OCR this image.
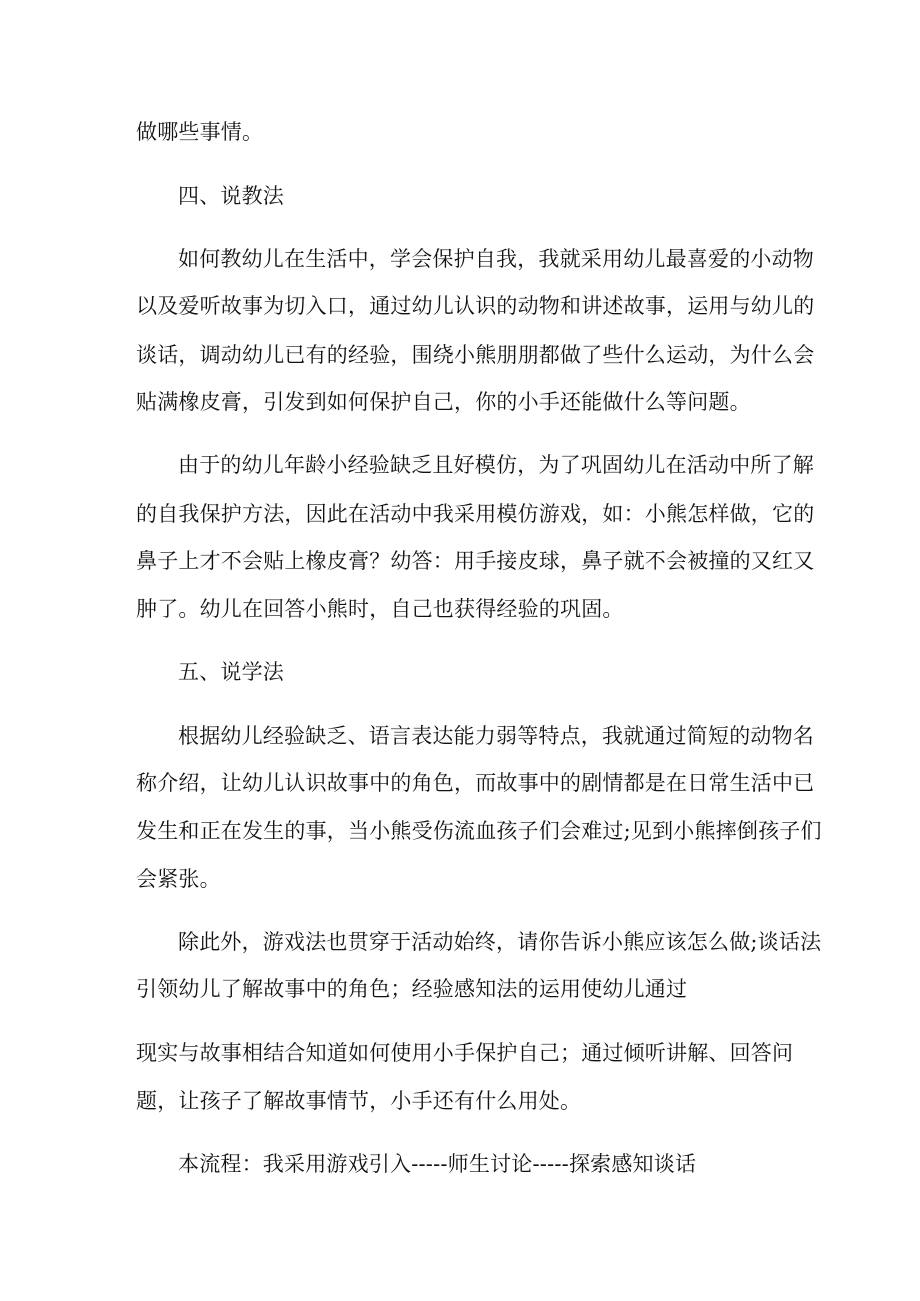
做哪些事情。
四、说教法
如何教幼儿在生活中，学会保护自我，我就采用幼儿最喜爱的小动物
以及爱听故事为切入口，通过幼儿认识的动物和讲述故事，运用与幼儿的
谈话，调动幼儿已有的经验，围绕小熊朋朋都做了些什么运动，为什么会
贴满橡皮膏，引发到如何保护自己，你的小手还能做什么等问题。
由于的幼儿年龄小经验缺乏且好模仿，为了巩固幼儿在活动中所了解
的自我保护方法，因此在活动中我采用模仿游戏，如：小熊怎样做，它的
鼻子上才不会贴上橡皮膏？幼答：用手接皮球，鼻子就不会被撞的又红又
肿了。幼儿在回答小熊时，自己也获得经验的巩固。
五、说学法
根据幼儿经验缺乏、语言表达能力弱等特点，我就通过简短的动物名
称介绍，让幼儿认识故事中的角色，而故事中的剧情都是在日常生活中已
发生和正在发生的事，当小熊受伤流血孩子们会难过;见到小熊摔倒孩子们
会紧张。
除此外，游戏法也贯穿于活动始终，请你告诉小熊应该怎么做;谈话法
引领幼儿了解故事中的角色；经验感知法的运用使幼儿通过
现实与故事相结合知道如何使用小手保护自己；通过倾听讲解、回答问
题，让孩子了解故事情节，小手还有什么用处。
本流程：我采用游戏引入-----师生讨论-----探索感知谈话
